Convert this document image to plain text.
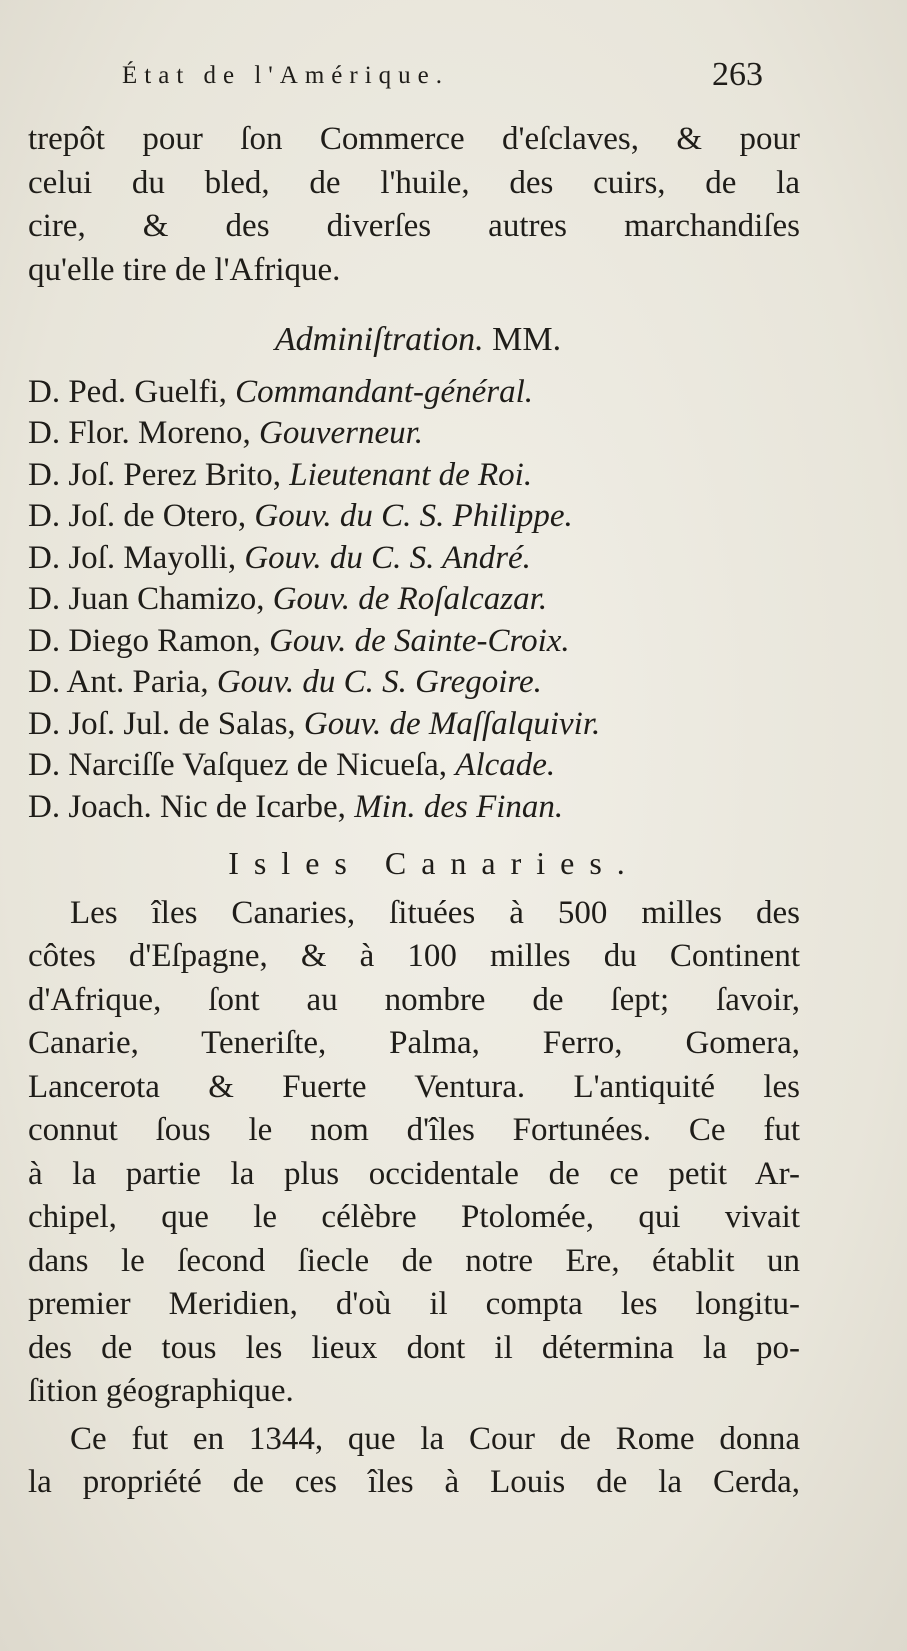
État de l'Amérique.	263
trepôt pour ſon Commerce d'eſclaves, & pour
celui du bled, de l'huile, des cuirs, de la
cire, & des diverſes autres marchandiſes
qu'elle tire de l'Afrique.
Adminiſtration. MM.
D. Ped. Guelfi, Commandant-général.
D. Flor. Moreno, Gouverneur.
D. Joſ. Perez Brito, Lieutenant de Roi.
D. Joſ. de Otero, Gouv. du C. S. Philippe.
D. Joſ. Mayolli, Gouv. du C. S. André.
D. Juan Chamizo, Gouv. de Roſalcazar.
D. Diego Ramon, Gouv. de Sainte-Croix.
D. Ant. Paria, Gouv. du C. S. Gregoire.
D. Joſ. Jul. de Salas, Gouv. de Maſſalquivir.
D. Narciſſe Vaſquez de Nicueſa, Alcade.
D. Joach. Nic de Icarbe, Min. des Finan.
Isles Canaries.
Les îles Canaries, ſituées à 500 milles des
côtes d'Eſpagne, & à 100 milles du Continent
d'Afrique, ſont au nombre de ſept; ſavoir,
Canarie, Teneriſte, Palma, Ferro, Gomera,
Lancerota & Fuerte Ventura. L'antiquité les
connut ſous le nom d'îles Fortunées. Ce fut
à la partie la plus occidentale de ce petit Ar-
chipel, que le célèbre Ptolomée, qui vivait
dans le ſecond ſiecle de notre Ere, établit un
premier Meridien, d'où il compta les longitu-
des de tous les lieux dont il détermina la po-
ſition géographique.
Ce fut en 1344, que la Cour de Rome donna
la propriété de ces îles à Louis de la Cerda,
